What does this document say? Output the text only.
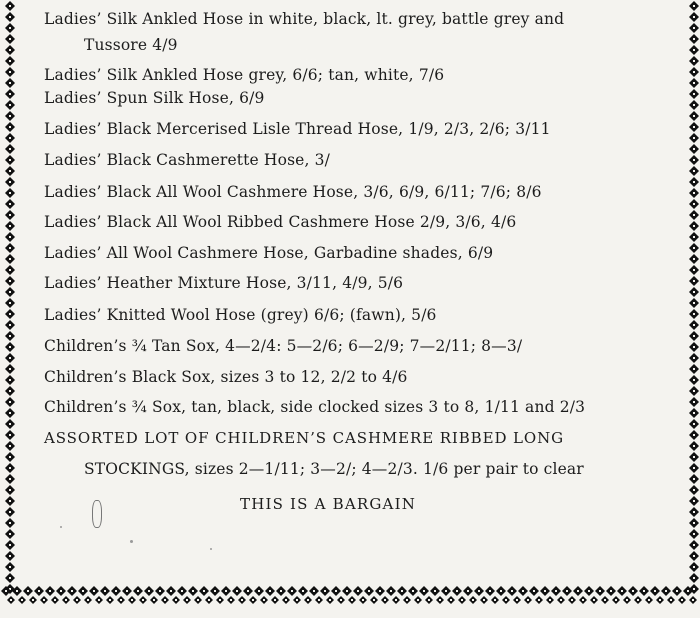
Ladies’ Silk Ankled Hose in white, black, lt. grey, battle grey and
Tussore 4/9
Ladies’ Silk Ankled Hose grey, 6/6; tan, white, 7/6
Ladies’ Spun Silk Hose, 6/9
Ladies’ Black Mercerised Lisle Thread Hose, 1/9, 2/3, 2/6; 3/11
Ladies’ Black Cashmerette Hose, 3/
Ladies’ Black All Wool Cashmere Hose, 3/6, 6/9, 6/11; 7/6; 8/6
Ladies’ Black All Wool Ribbed Cashmere Hose 2/9, 3/6, 4/6
Ladies’ All Wool Cashmere Hose, Garbadine shades, 6/9
Ladies’ Heather Mixture Hose, 3/11, 4/9, 5/6
Ladies’ Knitted Wool Hose (grey) 6/6; (fawn), 5/6
Children’s ¾ Tan Sox, 4—2/4: 5—2/6; 6—2/9; 7—2/11; 8—3/
Children’s Black Sox, sizes 3 to 12, 2/2 to 4/6
Children’s ¾ Sox, tan, black, side clocked sizes 3 to 8, 1/11 and 2/3
ASSORTED LOT OF CHILDREN’S CASHMERE RIBBED LONG
STOCKINGS, sizes 2—1/11; 3—2/; 4—2/3. 1/6 per pair to clear
THIS IS A BARGAIN
